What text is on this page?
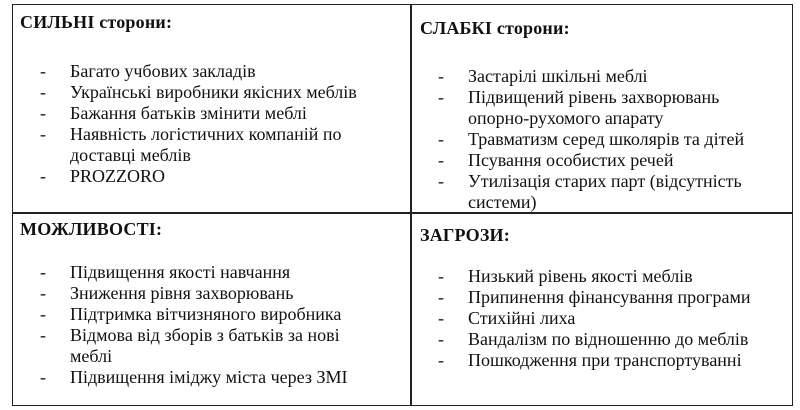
СИЛЬНІ сторони:
- Багато учбових закладів
- Українські виробники якісних меблів
- Бажання батьків змінити меблі
- Наявність логістичних компаній по
доставці меблів
- PROZZORO
СЛАБКІ сторони:
- Застарілі шкільні меблі
- Підвищений рівень захворювань
опорно-рухомого апарату
- Травматизм серед школярів та дітей
- Псування особистих речей
- Утилізація старих парт (відсутність
системи)
МОЖЛИВОСТІ:
- Підвищення якості навчання
- Зниження рівня захворювань
- Підтримка вітчизняного виробника
- Відмова від зборів з батьків за нові
меблі
- Підвищення іміджу міста через ЗМІ
ЗАГРОЗИ:
- Низький рівень якості меблів
- Припинення фінансування програми
- Стихійні лиха
- Вандалізм по відношенню до меблів
- Пошкодження при транспортуванні
